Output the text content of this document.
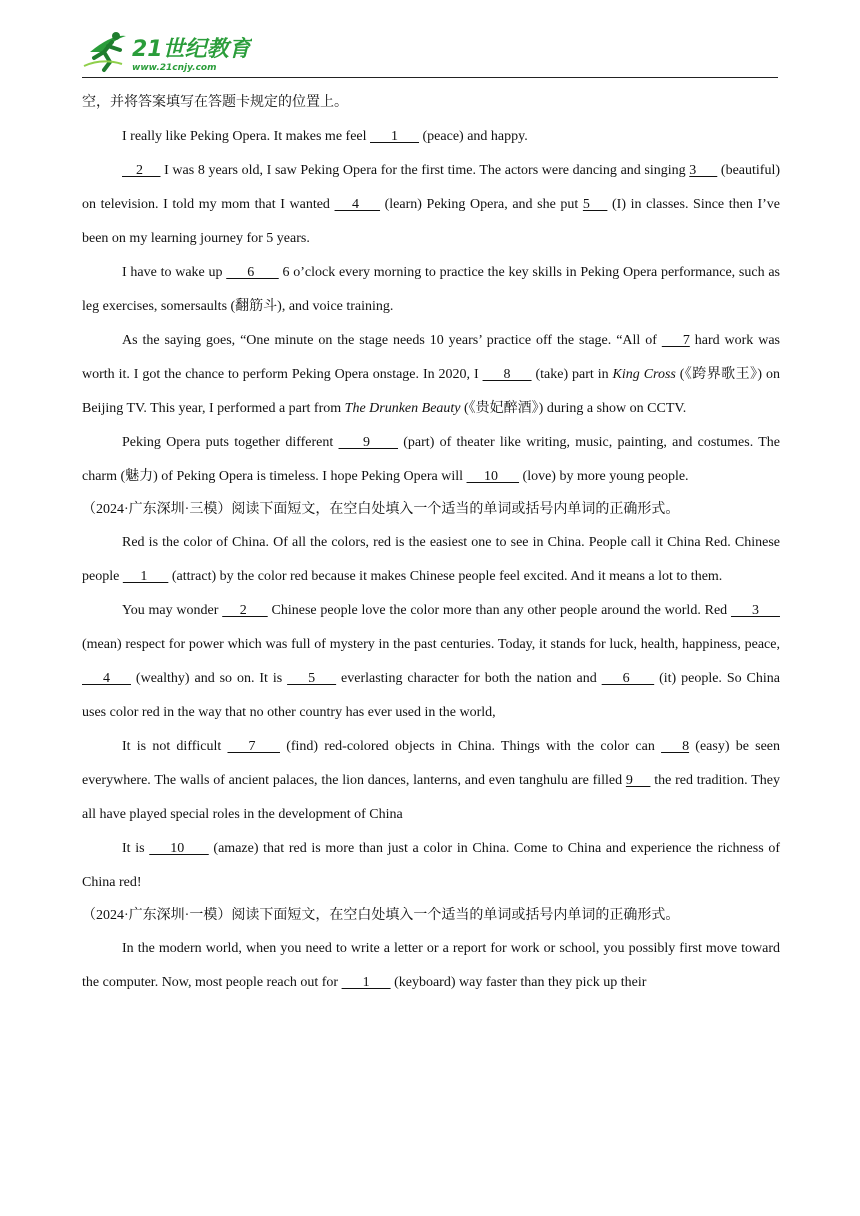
21世纪教育
www.21cnjy.com

空，并将答案填写在答题卡规定的位置上。

I really like Peking Opera. It makes me feel       1       (peace) and happy.

2      I was 8 years old, I saw Peking Opera for the first time. The actors were dancing and singing 3       (beautiful) on television. I told my mom that I wanted      4       (learn) Peking Opera, and she put 5      (I) in classes. Since then I’ve been on my learning journey for 5 years.

I have to wake up       6        6 o’clock every morning to practice the key skills in Peking Opera performance, such as leg exercises, somersaults (翻筋斗), and voice training.

As the saying goes, “One minute on the stage needs 10 years’ practice off the stage. “All of       7 hard work was worth it. I got the chance to perform Peking Opera onstage. In 2020, I       8       (take) part in King Cross (《跨界歌王》) on Beijing TV. This year, I performed a part from The Drunken Beauty (《贵妃醉酒》) during a show on CCTV.

Peking Opera puts together different        9         (part) of theater like writing, music, painting, and costumes. The charm (魅力) of Peking Opera is timeless. I hope Peking Opera will      10       (love) by more young people.

（2024·广东深圳·三模）阅读下面短文，在空白处填入一个适当的单词或括号内单词的正确形式。

Red is the color of China. Of all the colors, red is the easiest one to see in China. People call it China Red. Chinese people      1       (attract) by the color red because it makes Chinese people feel excited. And it means a lot to them.

You may wonder      2       Chinese people love the color more than any other people around the world. Red       3       (mean) respect for power which was full of mystery in the past centuries. Today, it stands for luck, health, happiness, peace,       4       (wealthy) and so on. It is       5       everlasting character for both the nation and       6        (it) people. So China uses color red in the way that no other country has ever used in the world,

It is not difficult       7        (find) red-colored objects in China. Things with the color can       8 (easy) be seen everywhere. The walls of ancient palaces, the lion dances, lanterns, and even tanghulu are filled 9      the red tradition. They all have played special roles in the development of China

It is       10        (amaze) that red is more than just a color in China. Come to China and experience the richness of China red!

（2024·广东深圳·一模）阅读下面短文，在空白处填入一个适当的单词或括号内单词的正确形式。

In the modern world, when you need to write a letter or a report for work or school, you possibly first move toward the computer. Now, most people reach out for       1       (keyboard) way faster than they pick up their
